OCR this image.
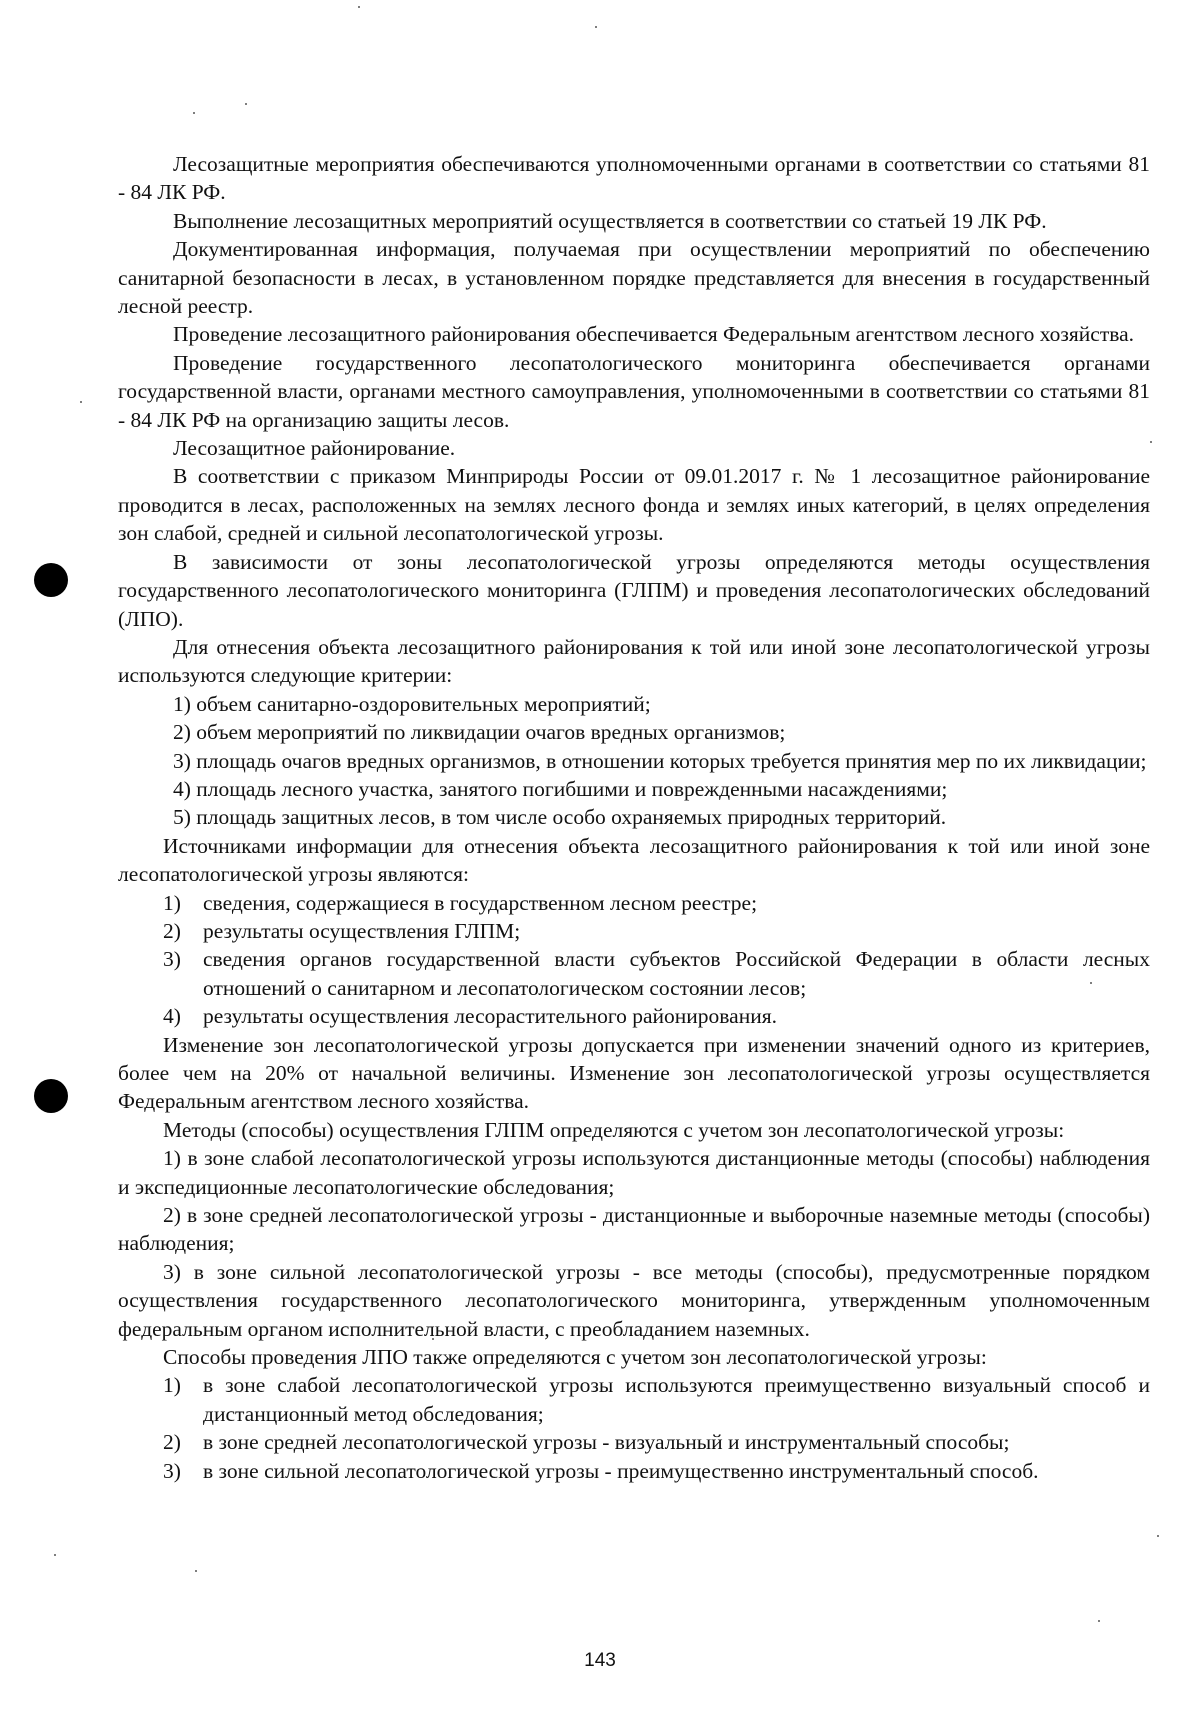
Лесозащитные мероприятия обеспечиваются уполномоченными органами в соответствии со статьями 81 - 84 ЛК РФ.

Выполнение лесозащитных мероприятий осуществляется в соответствии со статьей 19 ЛК РФ.

Документированная информация, получаемая при осуществлении мероприятий по обеспечению санитарной безопасности в лесах, в установленном порядке представляется для внесения в государственный лесной реестр.

Проведение лесозащитного районирования обеспечивается Федеральным агентством лесного хозяйства.

Проведение государственного лесопатологического мониторинга обеспечивается органами государственной власти, органами местного самоуправления, уполномоченными в соответствии со статьями 81 - 84 ЛК РФ на организацию защиты лесов.

Лесозащитное районирование.

В соответствии с приказом Минприроды России от 09.01.2017 г. № 1 лесозащитное районирование проводится в лесах, расположенных на землях лесного фонда и землях иных категорий, в целях определения зон слабой, средней и сильной лесопатологической угрозы.

В зависимости от зоны лесопатологической угрозы определяются методы осуществления государственного лесопатологического мониторинга (ГЛПМ) и проведения лесопатологических обследований (ЛПО).

Для отнесения объекта лесозащитного районирования к той или иной зоне лесопатологической угрозы используются следующие критерии:

1) объем санитарно-оздоровительных мероприятий;

2) объем мероприятий по ликвидации очагов вредных организмов;

3) площадь очагов вредных организмов, в отношении которых требуется принятия мер по их ликвидации;

4) площадь лесного участка, занятого погибшими и поврежденными насаждениями;

5) площадь защитных лесов, в том числе особо охраняемых природных территорий.

Источниками информации для отнесения объекта лесозащитного районирования к той или иной зоне лесопатологической угрозы являются:

1) сведения, содержащиеся в государственном лесном реестре;

2) результаты осуществления ГЛПМ;

3) сведения органов государственной власти субъектов Российской Федерации в области лесных отношений о санитарном и лесопатологическом состоянии лесов;

4) результаты осуществления лесорастительного районирования.

Изменение зон лесопатологической угрозы допускается при изменении значений одного из критериев, более чем на 20% от начальной величины. Изменение зон лесопатологической угрозы осуществляется Федеральным агентством лесного хозяйства.

Методы (способы) осуществления ГЛПМ определяются с учетом зон лесопатологической угрозы:

1) в зоне слабой лесопатологической угрозы используются дистанционные методы (способы) наблюдения и экспедиционные лесопатологические обследования;

2) в зоне средней лесопатологической угрозы - дистанционные и выборочные наземные методы (способы) наблюдения;

3) в зоне сильной лесопатологической угрозы - все методы (способы), предусмотренные порядком осуществления государственного лесопатологического мониторинга, утвержденным уполномоченным федеральным органом исполнительной власти, с преобладанием наземных.

Способы проведения ЛПО также определяются с учетом зон лесопатологической угрозы:

1) в зоне слабой лесопатологической угрозы используются преимущественно визуальный способ и дистанционный метод обследования;

2) в зоне средней лесопатологической угрозы - визуальный и инструментальный способы;

3) в зоне сильной лесопатологической угрозы - преимущественно инструментальный способ.

143
